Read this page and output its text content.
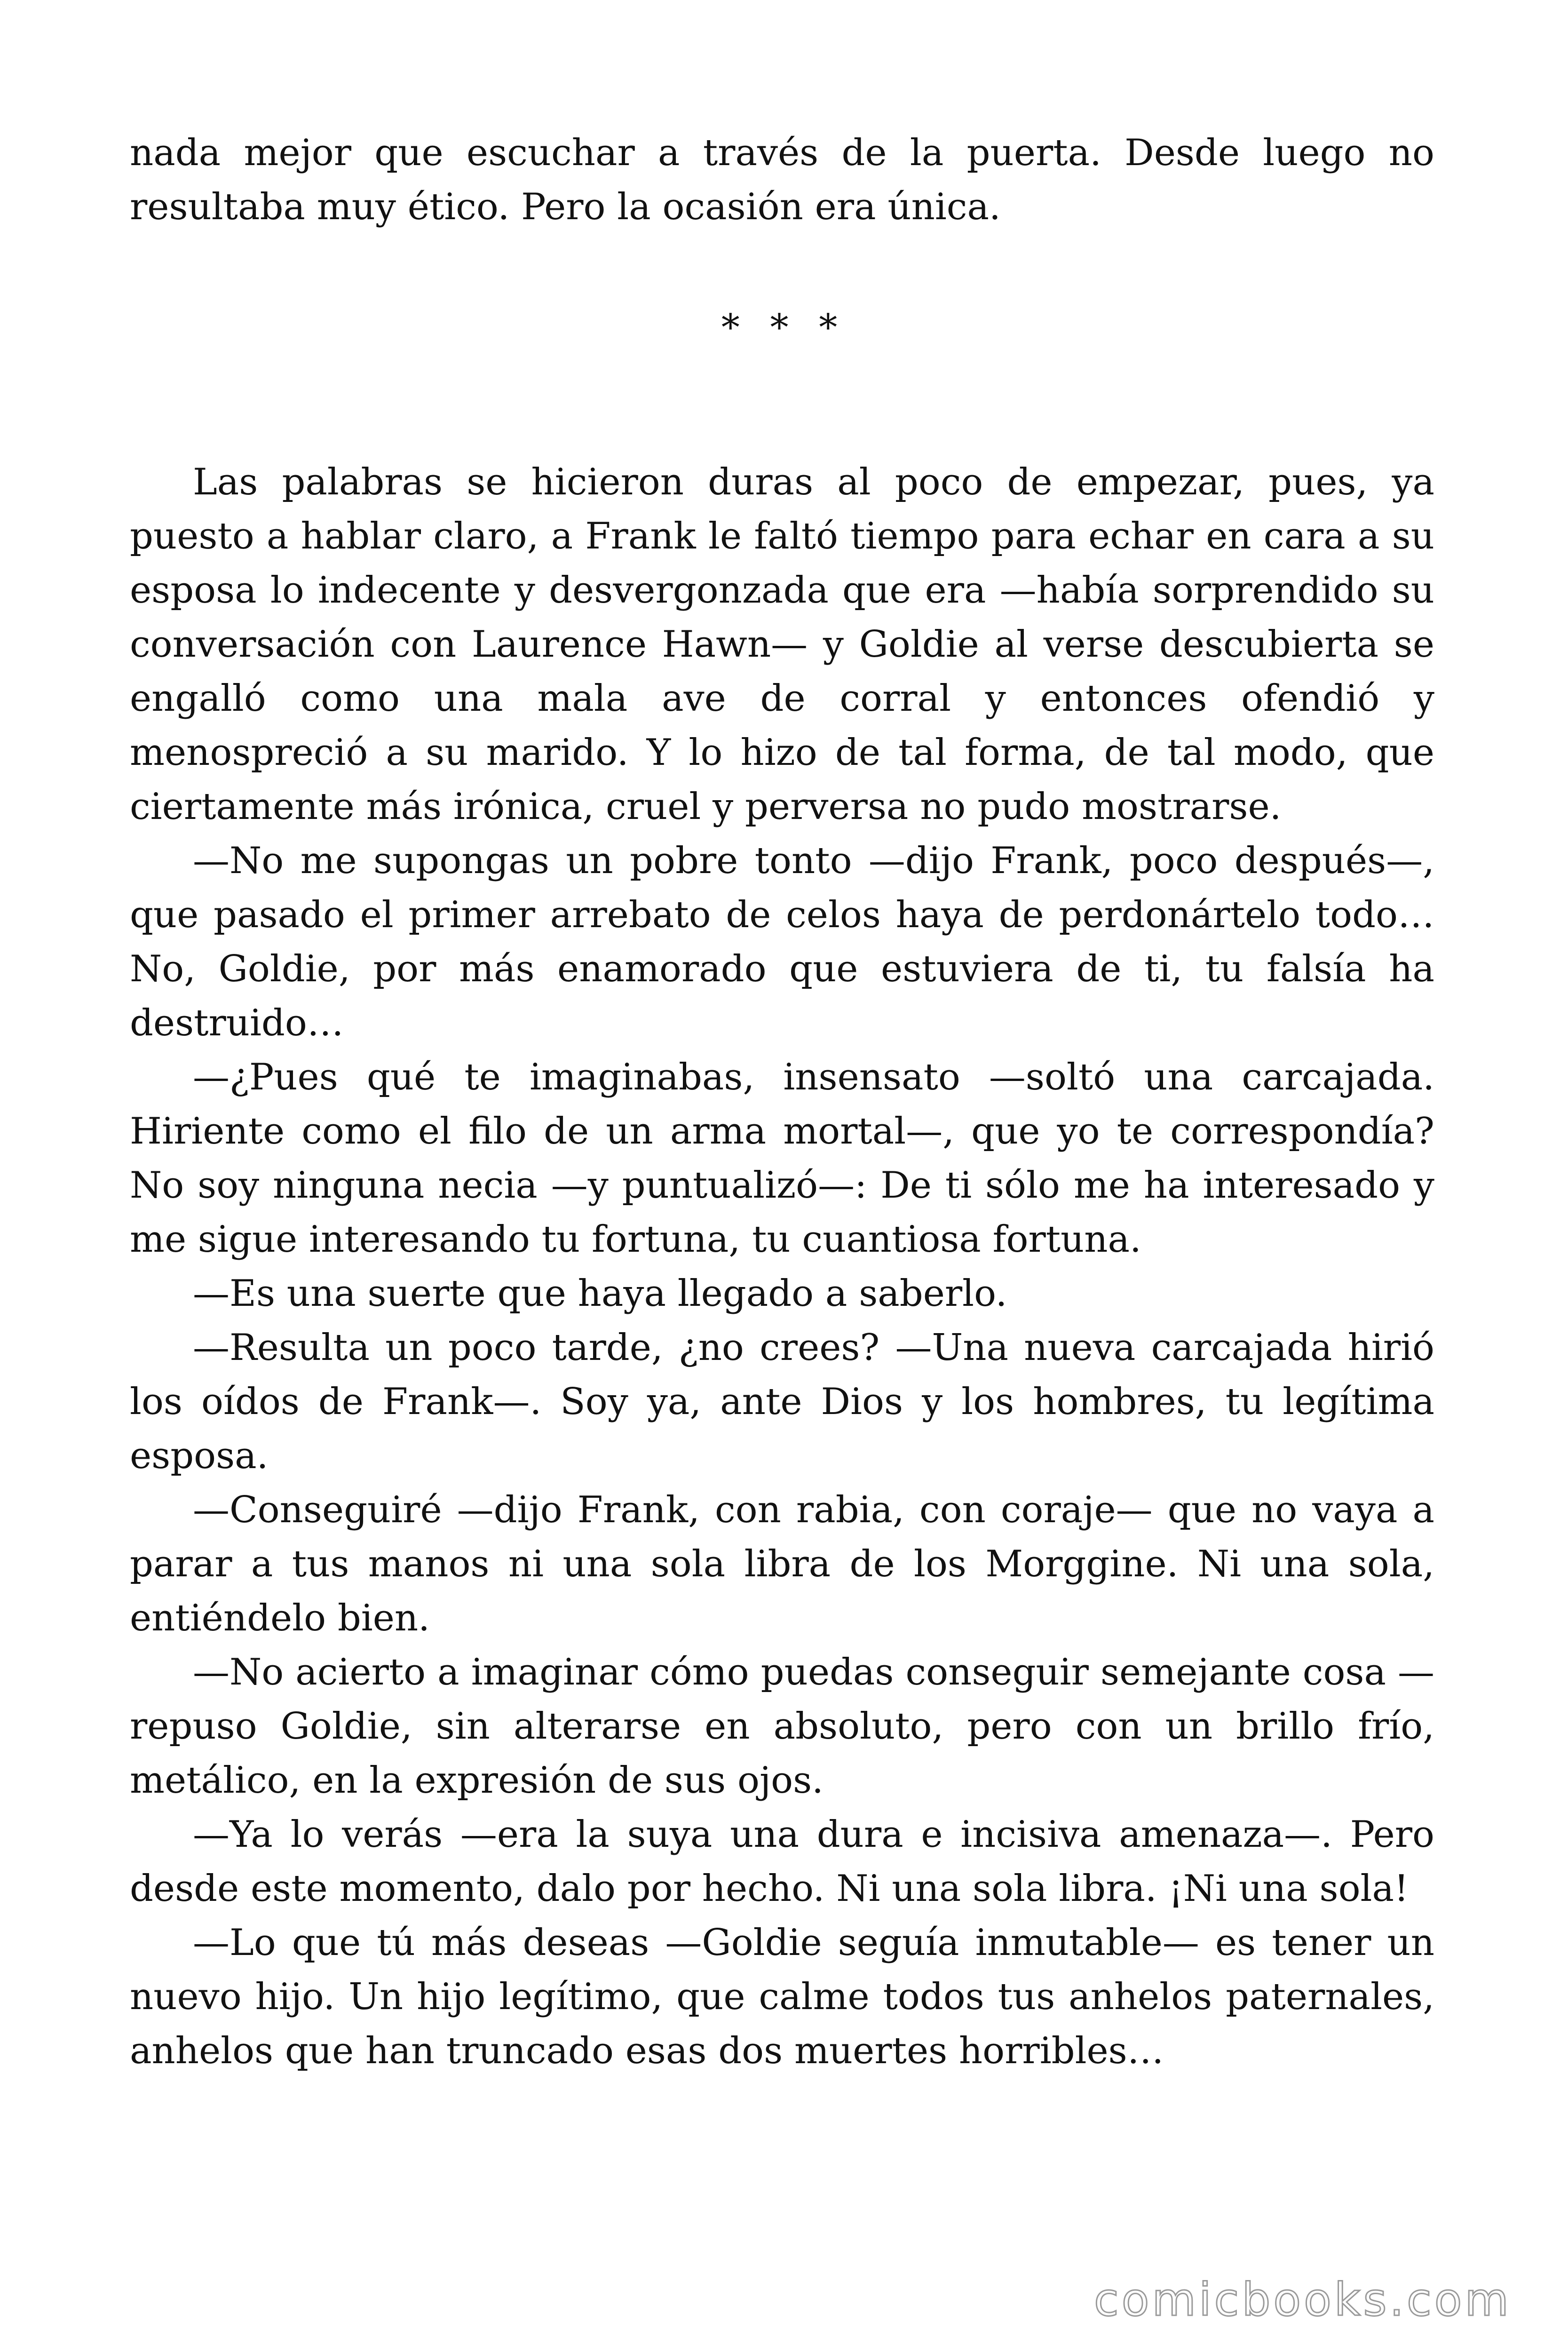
nada mejor que escuchar a través de la puerta. Desde luego no resultaba muy ético. Pero la ocasión era única.

* * *

Las palabras se hicieron duras al poco de empezar, pues, ya puesto a hablar claro, a Frank le faltó tiempo para echar en cara a su esposa lo indecente y desvergonzada que era —había sorprendido su conversación con Laurence Hawn— y Goldie al verse descubierta se engalló como una mala ave de corral y entonces ofendió y menospreció a su marido. Y lo hizo de tal forma, de tal modo, que ciertamente más irónica, cruel y perversa no pudo mostrarse.

—No me supongas un pobre tonto —dijo Frank, poco después—, que pasado el primer arrebato de celos haya de perdonártelo todo… No, Goldie, por más enamorado que estuviera de ti, tu falsía ha destruido…

—¿Pues qué te imaginabas, insensato —soltó una carcajada. Hiriente como el filo de un arma mortal—, que yo te correspondía? No soy ninguna necia —y puntualizó—: De ti sólo me ha interesado y me sigue interesando tu fortuna, tu cuantiosa fortuna.

—Es una suerte que haya llegado a saberlo.

—Resulta un poco tarde, ¿no crees? —Una nueva carcajada hirió los oídos de Frank—. Soy ya, ante Dios y los hombres, tu legítima esposa.

—Conseguiré —dijo Frank, con rabia, con coraje— que no vaya a parar a tus manos ni una sola libra de los Morggine. Ni una sola, entiéndelo bien.

—No acierto a imaginar cómo puedas conseguir semejante cosa —repuso Goldie, sin alterarse en absoluto, pero con un brillo frío, metálico, en la expresión de sus ojos.

—Ya lo verás —era la suya una dura e incisiva amenaza—. Pero desde este momento, dalo por hecho. Ni una sola libra. ¡Ni una sola!

—Lo que tú más deseas —Goldie seguía inmutable— es tener un nuevo hijo. Un hijo legítimo, que calme todos tus anhelos paternales, anhelos que han truncado esas dos muertes horribles…

comicbooks.com
